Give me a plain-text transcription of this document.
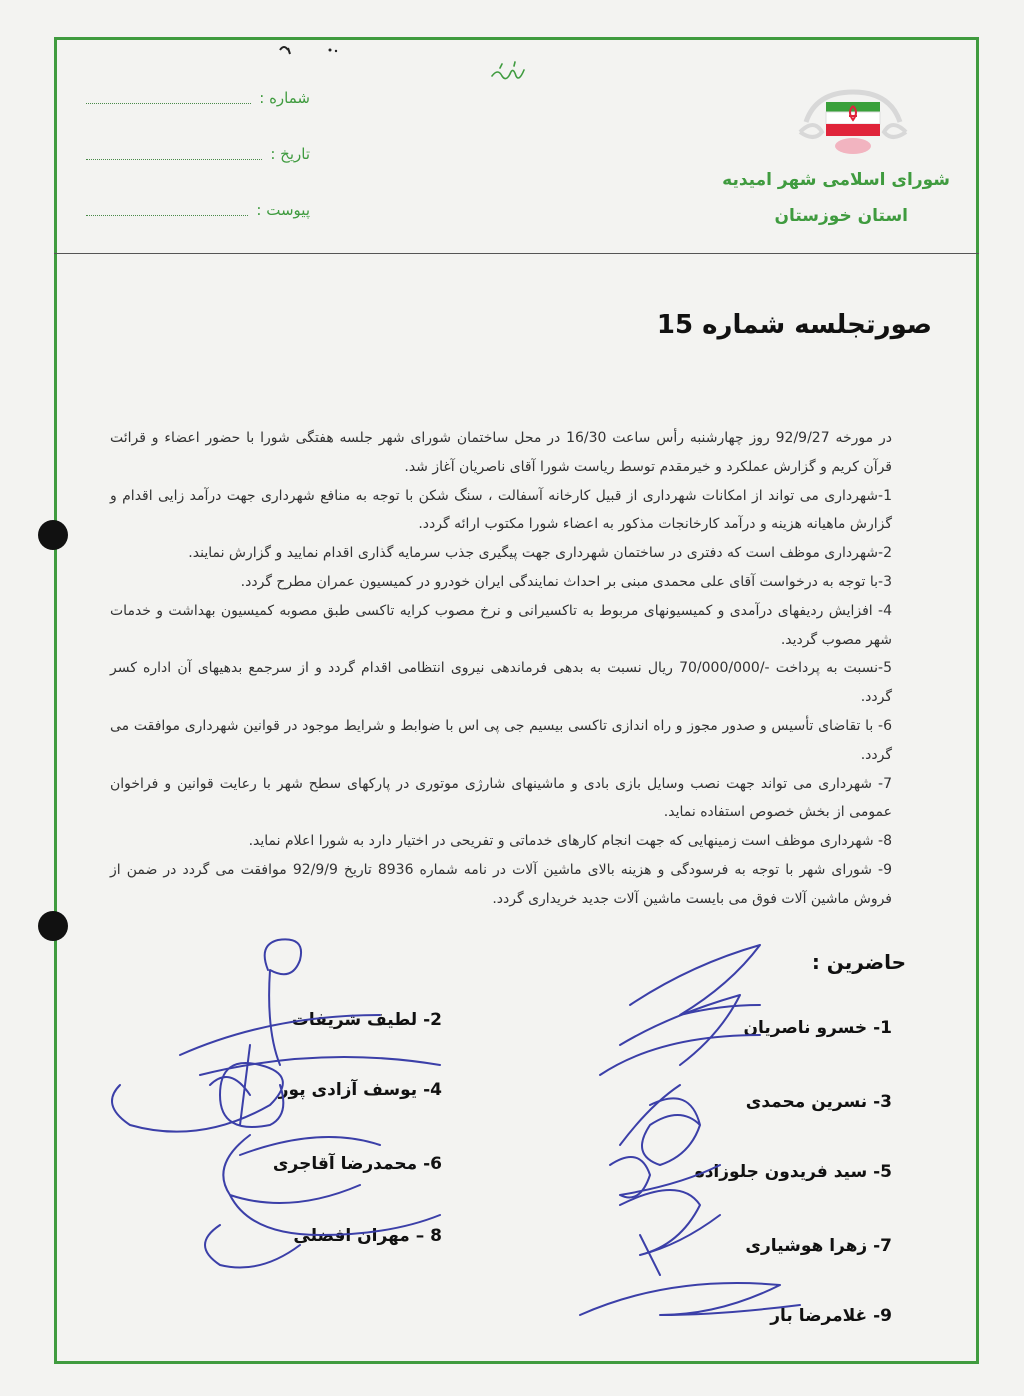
شماره :
تاریخ :
پیوست :
شورای اسلامی شهر امیدیه
استان خوزستان
صورتجلسه شماره 15

در مورخه 92/9/27 روز چهارشنبه رأس ساعت 16/30 در محل ساختمان شورای شهر جلسه هفتگی شورا با حضور اعضاء و قرائت قرآن کریم و گزارش عملکرد و خیرمقدم توسط ریاست شورا آقای ناصریان آغاز شد.

1-شهرداری می تواند از امکانات شهرداری از قبیل کارخانه آسفالت ، سنگ شکن با توجه به منافع شهرداری جهت درآمد زایی اقدام و گزارش ماهیانه هزینه و درآمد کارخانجات مذکور به اعضاء شورا مکتوب ارائه گردد.

2-شهرداری موظف است که دفتری در ساختمان شهرداری جهت پیگیری جذب سرمایه گذاری اقدام نمایید و گزارش نمایند.

3-با توجه به درخواست آقای علی محمدی مبنی بر احداث نمایندگی ایران خودرو در کمیسیون عمران مطرح گردد.

4- افزایش ردیفهای درآمدی و کمیسیونهای مربوط به تاکسیرانی و نرخ مصوب کرایه تاکسی طبق مصوبه کمیسیون بهداشت و خدمات شهر مصوب گردید.

5-نسبت به پرداخت -/70/000/000 ریال نسبت به بدهی فرماندهی نیروی انتظامی اقدام گردد و از سرجمع بدهیهای آن اداره کسر گردد.

6- با تقاضای تأسیس و صدور مجوز و راه اندازی تاکسی بیسیم جی پی اس با ضوابط و شرایط موجود در قوانین شهرداری موافقت می گردد.

7- شهرداری می تواند جهت نصب وسایل بازی بادی و ماشینهای شارژی موتوری در پارکهای سطح شهر با رعایت قوانین و فراخوان عمومی از بخش خصوص استفاده نماید.

8- شهرداری موظف است زمینهایی که جهت انجام کارهای خدماتی و تفریحی در اختیار دارد به شورا اعلام نماید.

9- شورای شهر با توجه به فرسودگی و هزینه بالای ماشین آلات در نامه شماره 8936 تاریخ 92/9/9 موافقت می گردد در ضمن از فروش ماشین آلات فوق می بایست ماشین آلات جدید خریداری گردد.

حاضرین :
1- خسرو ناصریان
3- نسرین محمدی
5- سید فریدون جلوزاده
7- زهرا هوشیاری
9- غلامرضا بار
2- لطیف شریفات
4- یوسف آزادی پور
6- محمدرضا آقاجری
8 – مهران افضلی
